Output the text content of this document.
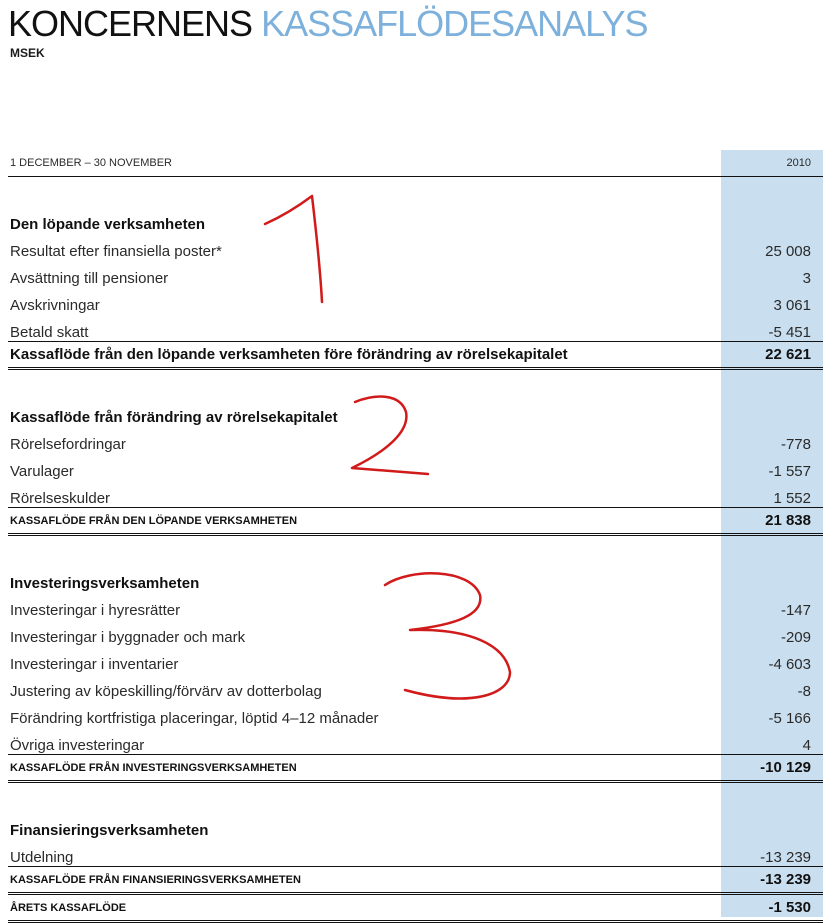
KONCERNENS KASSAFLÖDESANALYS
MSEK
1 DECEMBER – 30 NOVEMBER	2010
Den löpande verksamheten
Resultat efter finansiella poster*	25 008
Avsättning till pensioner	3
Avskrivningar	3 061
Betald skatt	-5 451
Kassaflöde från den löpande verksamheten före förändring av rörelsekapitalet	22 621
Kassaflöde från förändring av rörelsekapitalet
Rörelsefordringar	-778
Varulager	-1 557
Rörelseskulder	1 552
KASSAFLÖDE FRÅN DEN LÖPANDE VERKSAMHETEN	21 838
Investeringsverksamheten
Investeringar i hyresrätter	-147
Investeringar i byggnader och mark	-209
Investeringar i inventarier	-4 603
Justering av köpeskilling/förvärv av dotterbolag	-8
Förändring kortfristiga placeringar, löptid 4–12 månader	-5 166
Övriga investeringar	4
KASSAFLÖDE FRÅN INVESTERINGSVERKSAMHETEN	-10 129
Finansieringsverksamheten
Utdelning	-13 239
KASSAFLÖDE FRÅN FINANSIERINGSVERKSAMHETEN	-13 239
ÅRETS KASSAFLÖDE	-1 530
